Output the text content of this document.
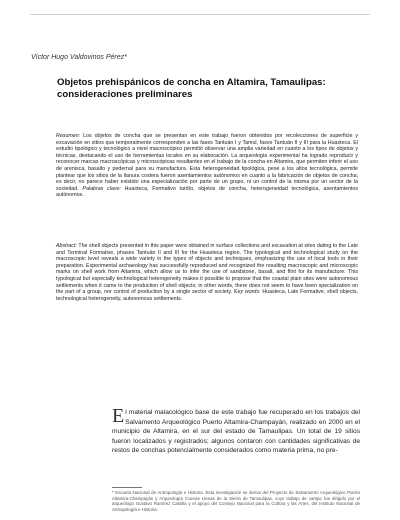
Víctor Hugo Valdovinos Pérez*
Objetos prehispánicos de concha en Altamira, Tamaulipas: consideraciones preliminares

Resumen: Los objetos de concha que se presentan en este trabajo fueron obtenidos por recolecciones de superficie y excavación en sitios que temporalmente corresponden a las fases Tantuán I y Tamul, fases Tantuán II y III para la Huasteca. El estudio tipológico y tecnológico a nivel macroscópico permitió observar una amplia variedad en cuanto a los tipos de objetos y técnicas, destacando el uso de herramientas locales en su elaboración. La arqueología experimental ha logrado reproducir y reconocer marcas macroscópicas y microscópicas resultantes en el trabajo de la concha en Altamira, que permiten inferir el uso de arenisca, basalto y pedernal para su manufactura. Esta heterogeneidad tipológica, pese a los altos tecnológica, permite plantear que los sitios de la llanura costera fueron asentamientos autónomos en cuanto a la fabricación de objetos de concha; es decir, no parece haber existido una especialización por parte de un grupo, ni un control de la misma por un sector de la sociedad. Palabras clave: Huasteca, Formativo tardío, objetos de concha, heterogeneidad tecnológica, asentamientos autónomos.

Abstract: The shell objects presented in this paper were obtained in surface collections and excavation at sites dating to the Late and Terminal Formative, phases Tantuán II and III for the Huasteca region. The typological and technological study on the macroscopic level reveals a wide variety in the types of objects and techniques, emphasizing the use of local tools in their preparation. Experimental archaeology has successfully reproduced and recognized the resulting macroscopic and microscopic marks on shell work from Altamira, which allow us to infer the use of sandstone, basalt, and flint for its manufacture. This typological but especially technological heterogeneity makes it possible to propose that the coastal plain sites were autonomous settlements when it came to the production of shell objects; in other words, there does not seem to have been specialization on the part of a group, nor control of production by a single sector of society. Key words: Huasteca, Late Formative, shell objects, technological heterogeneity, autonomous settlements.

El material malacológico base de este trabajo fue recuperado en los trabajos del Salvamento Arqueológico Puerto Altamira-Champayán, realizado en 2000 en el municipio de Altamira, en el sur del estado de Tamaulipas. Un total de 19 sitios fueron localizados y registrados; algunos contaron con cantidades significativas de restos de conchas potencialmente considerados como materia prima, no pre-

* Escuela Nacional de Antropología e Historia. Esta investigación se deriva del Proyecto de Salvamento Arqueológico Puerto Altamira-Champayán y Arqueología Cuevas Llenas de la Sierra de Tamaulipas, cuyo trabajo de campo fue dirigido por el arqueólogo Gustavo Ramírez Castilla y el apoyo del Consejo Nacional para la Cultura y las Artes, del Instituto Nacional de Antropología e Historia.
